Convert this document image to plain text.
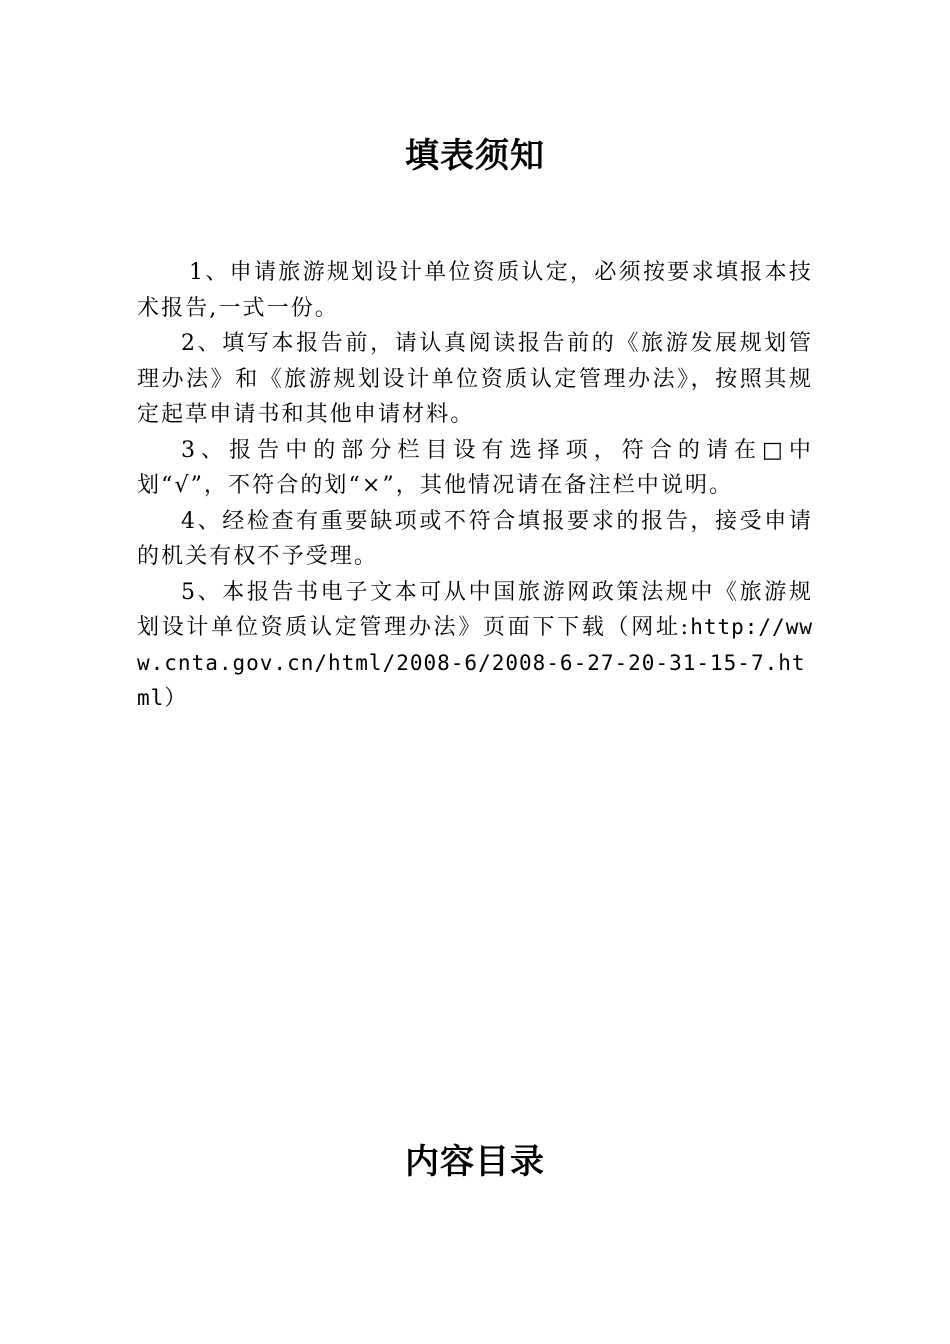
填表须知

1、申请旅游规划设计单位资质认定，必须按要求填报本技术报告,一式一份。

2、填写本报告前，请认真阅读报告前的《旅游发展规划管理办法》和《旅游规划设计单位资质认定管理办法》，按照其规定起草申请书和其他申请材料。

3、报告中的部分栏目设有选择项，符合的请在□中划“√”，不符合的划“×”，其他情况请在备注栏中说明。

4、经检查有重要缺项或不符合填报要求的报告，接受申请的机关有权不予受理。

5、本报告书电子文本可从中国旅游网政策法规中《旅游规划设计单位资质认定管理办法》页面下下载（网址:http://www.cnta.gov.cn/html/2008-6/2008-6-27-20-31-15-7.html）

内容目录
